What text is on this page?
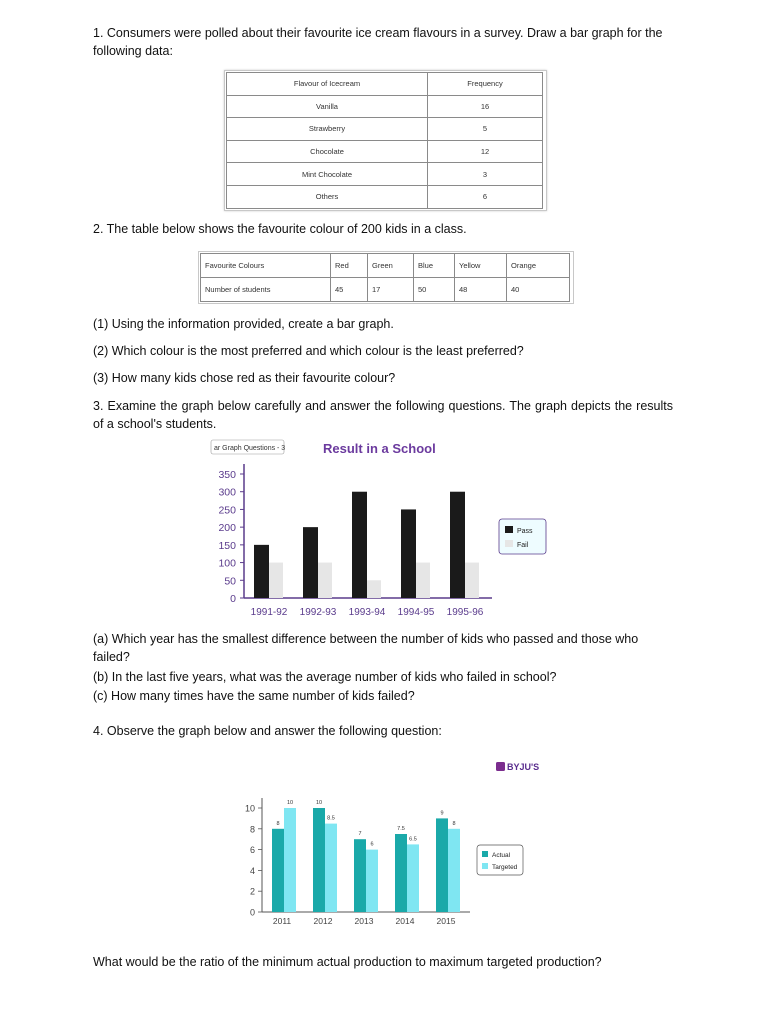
1. Consumers were polled about their favourite ice cream flavours in a survey. Draw a bar graph for the following data:

Flavour of Icecream	Frequency
Vanilla	16
Strawberry	5
Chocolate	12
Mint Chocolate	3
Others	6

2. The table below shows the favourite colour of 200 kids in a class.

Favourite Colours	Red	Green	Blue	Yellow	Orange
Number of students	45	17	50	48	40

(1) Using the information provided, create a bar graph.

(2) Which colour is the most preferred and which colour is the least preferred?

(3) How many kids chose red as their favourite colour?

3. Examine the graph below carefully and answer the following questions. The graph depicts the results of a school's students.

ar Graph Questions - 3	Result in a School
0
50
100
150
200
250
300
350
1991-92 1992-93 1993-94 1994-95 1995-96
Pass
Fail

(a) Which year has the smallest difference between the number of kids who passed and those who failed?

(b) In the last five years, what was the average number of kids who failed in school?

(c) How many times have the same number of kids failed?

4. Observe the graph below and answer the following question:

BYJU'S
0
2
4
6
8
10
8
10
2011
10
8.5
2012
7
6
2013
7.5
6.5
2014
9
8
2015
Actual
Targeted

What would be the ratio of the minimum actual production to maximum targeted production?
